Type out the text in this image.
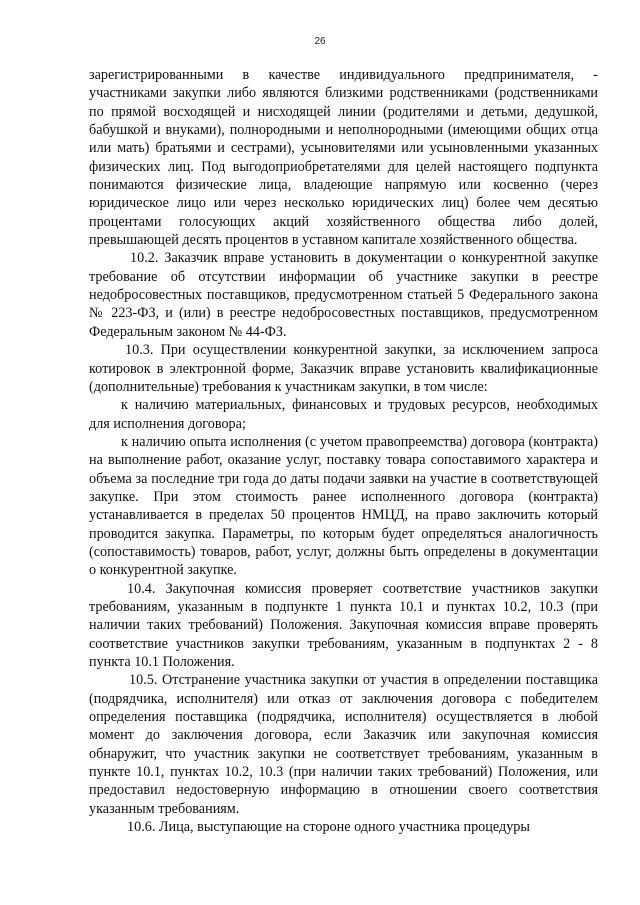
26

зарегистрированными в качестве индивидуального предпринимателя, - участниками закупки либо являются близкими родственниками (родственниками по прямой восходящей и нисходящей линии (родителями и детьми, дедушкой, бабушкой и внуками), полнородными и неполнородными (имеющими общих отца или мать) братьями и сестрами), усыновителями или усыновленными указанных физических лиц. Под выгодоприобретателями для целей настоящего подпункта понимаются физические лица, владеющие напрямую или косвенно (через юридическое лицо или через несколько юридических лиц) более чем десятью процентами голосующих акций хозяйственного общества либо долей, превышающей десять процентов в уставном капитале хозяйственного общества.

10.2. Заказчик вправе установить в документации о конкурентной закупке требование об отсутствии информации об участнике закупки в реестре недобросовестных поставщиков, предусмотренном статьей 5 Федерального закона № 223-ФЗ, и (или) в реестре недобросовестных поставщиков, предусмотренном Федеральным законом № 44-ФЗ.

10.3. При осуществлении конкурентной закупки, за исключением запроса котировок в электронной форме, Заказчик вправе установить квалификационные (дополнительные) требования к участникам закупки, в том числе:

к наличию материальных, финансовых и трудовых ресурсов, необходимых для исполнения договора;

к наличию опыта исполнения (с учетом правопреемства) договора (контракта) на выполнение работ, оказание услуг, поставку товара сопоставимого характера и объема за последние три года до даты подачи заявки на участие в соответствующей закупке. При этом стоимость ранее исполненного договора (контракта) устанавливается в пределах 50 процентов НМЦД, на право заключить который проводится закупка. Параметры, по которым будет определяться аналогичность (сопоставимость) товаров, работ, услуг, должны быть определены в документации о конкурентной закупке.

10.4. Закупочная комиссия проверяет соответствие участников закупки требованиям, указанным в подпункте 1 пункта 10.1 и пунктах 10.2, 10.3 (при наличии таких требований) Положения. Закупочная комиссия вправе проверять соответствие участников закупки требованиям, указанным в подпунктах 2 - 8 пункта 10.1 Положения.

10.5. Отстранение участника закупки от участия в определении поставщика (подрядчика, исполнителя) или отказ от заключения договора с победителем определения поставщика (подрядчика, исполнителя) осуществляется в любой момент до заключения договора, если Заказчик или закупочная комиссия обнаружит, что участник закупки не соответствует требованиям, указанным в пункте 10.1, пунктах 10.2, 10.3 (при наличии таких требований) Положения, или предоставил недостоверную информацию в отношении своего соответствия указанным требованиям.

10.6. Лица, выступающие на стороне одного участника процедуры
